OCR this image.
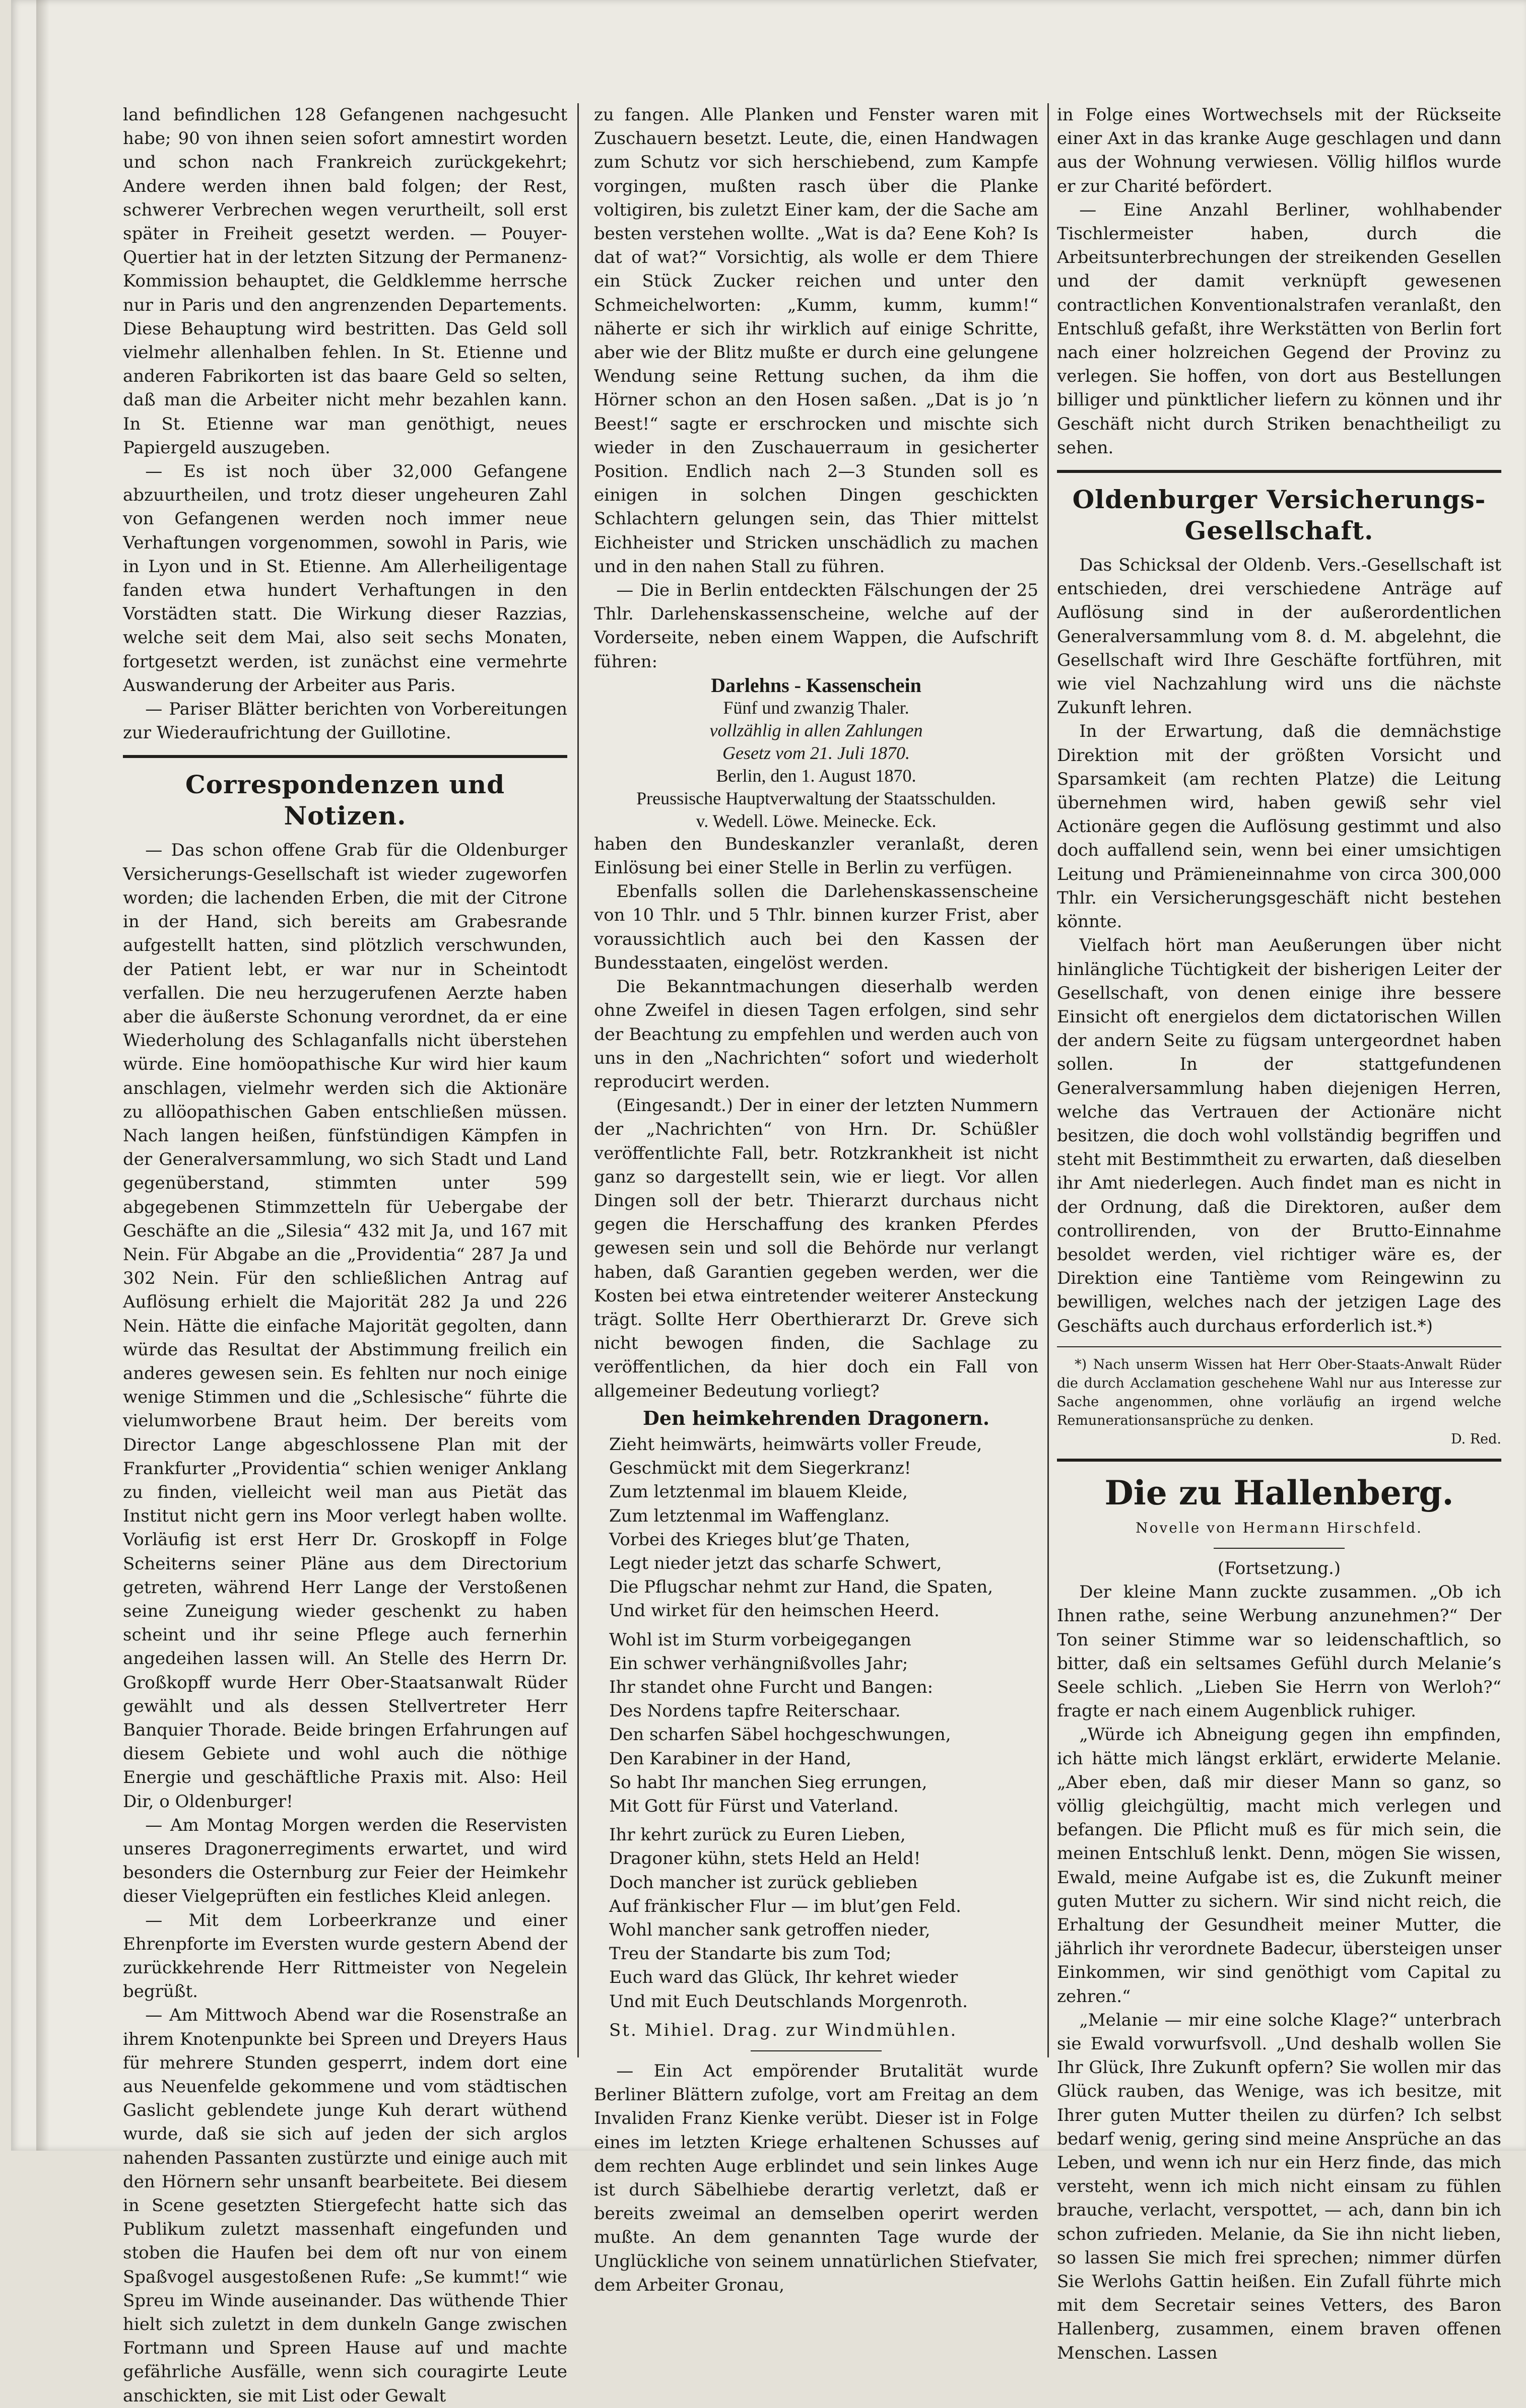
land befindlichen 128 Gefangenen nachgesucht habe; 90 von ihnen seien sofort amnestirt worden und schon nach Frankreich zurückgekehrt; Andere werden ihnen bald folgen; der Rest, schwerer Verbrechen wegen verurtheilt, soll erst später in Freiheit gesetzt werden. — Pouyer-Quertier hat in der letzten Sitzung der Permanenz-Kommission behauptet, die Geldklemme herrsche nur in Paris und den angrenzenden Departements. Diese Behauptung wird bestritten. Das Geld soll vielmehr allenhalben fehlen. In St. Etienne und anderen Fabrikorten ist das baare Geld so selten, daß man die Arbeiter nicht mehr bezahlen kann. In St. Etienne war man genöthigt, neues Papiergeld auszugeben.

— Es ist noch über 32,000 Gefangene abzuurtheilen, und trotz dieser ungeheuren Zahl von Gefangenen werden noch immer neue Verhaftungen vorgenommen, sowohl in Paris, wie in Lyon und in St. Etienne. Am Allerheiligentage fanden etwa hundert Verhaftungen in den Vorstädten statt. Die Wirkung dieser Razzias, welche seit dem Mai, also seit sechs Monaten, fortgesetzt werden, ist zunächst eine vermehrte Auswanderung der Arbeiter aus Paris.

— Pariser Blätter berichten von Vorbereitungen zur Wiederaufrichtung der Guillotine.

Correspondenzen und Notizen.

— Das schon offene Grab für die Oldenburger Versicherungs-Gesellschaft ist wieder zugeworfen worden; die lachenden Erben, die mit der Citrone in der Hand, sich bereits am Grabesrande aufgestellt hatten, sind plötzlich verschwunden, der Patient lebt, er war nur in Scheintodt verfallen. Die neu herzugerufenen Aerzte haben aber die äußerste Schonung verordnet, da er eine Wiederholung des Schlaganfalls nicht überstehen würde. Eine homöopathische Kur wird hier kaum anschlagen, vielmehr werden sich die Aktionäre zu allöopathischen Gaben entschließen müssen. Nach langen heißen, fünfstündigen Kämpfen in der Generalversammlung, wo sich Stadt und Land gegenüberstand, stimmten unter 599 abgegebenen Stimmzetteln für Uebergabe der Geschäfte an die „Silesia“ 432 mit Ja, und 167 mit Nein. Für Abgabe an die „Providentia“ 287 Ja und 302 Nein. Für den schließlichen Antrag auf Auflösung erhielt die Majorität 282 Ja und 226 Nein. Hätte die einfache Majorität gegolten, dann würde das Resultat der Abstimmung freilich ein anderes gewesen sein. Es fehlten nur noch einige wenige Stimmen und die „Schlesische“ führte die vielumworbene Braut heim. Der bereits vom Director Lange abgeschlossene Plan mit der Frankfurter „Providentia“ schien weniger Anklang zu finden, vielleicht weil man aus Pietät das Institut nicht gern ins Moor verlegt haben wollte. Vorläufig ist erst Herr Dr. Groskopff in Folge Scheiterns seiner Pläne aus dem Directorium getreten, während Herr Lange der Verstoßenen seine Zuneigung wieder geschenkt zu haben scheint und ihr seine Pflege auch fernerhin angedeihen lassen will. An Stelle des Herrn Dr. Großkopff wurde Herr Ober-Staatsanwalt Rüder gewählt und als dessen Stellvertreter Herr Banquier Thorade. Beide bringen Erfahrungen auf diesem Gebiete und wohl auch die nöthige Energie und geschäftliche Praxis mit. Also: Heil Dir, o Oldenburger!

— Am Montag Morgen werden die Reservisten unseres Dragonerregiments erwartet, und wird besonders die Osternburg zur Feier der Heimkehr dieser Vielgeprüften ein festliches Kleid anlegen.

— Mit dem Lorbeerkranze und einer Ehrenpforte im Eversten wurde gestern Abend der zurückkehrende Herr Rittmeister von Negelein begrüßt.

— Am Mittwoch Abend war die Rosenstraße an ihrem Knotenpunkte bei Spreen und Dreyers Haus für mehrere Stunden gesperrt, indem dort eine aus Neuenfelde gekommene und vom städtischen Gaslicht geblendete junge Kuh derart wüthend wurde, daß sie sich auf jeden der sich arglos nahenden Passanten zustürzte und einige auch mit den Hörnern sehr unsanft bearbeitete. Bei diesem in Scene gesetzten Stiergefecht hatte sich das Publikum zuletzt massenhaft eingefunden und stoben die Haufen bei dem oft nur von einem Spaßvogel ausgestoßenen Rufe: „Se kummt!“ wie Spreu im Winde auseinander. Das wüthende Thier hielt sich zuletzt in dem dunkeln Gange zwischen Fortmann und Spreen Hause auf und machte gefährliche Ausfälle, wenn sich couragirte Leute anschickten, sie mit List oder Gewalt

zu fangen. Alle Planken und Fenster waren mit Zuschauern besetzt. Leute, die, einen Handwagen zum Schutz vor sich herschiebend, zum Kampfe vorgingen, mußten rasch über die Planke voltigiren, bis zuletzt Einer kam, der die Sache am besten verstehen wollte. „Wat is da? Eene Koh? Is dat of wat?“ Vorsichtig, als wolle er dem Thiere ein Stück Zucker reichen und unter den Schmeichelworten: „Kumm, kumm, kumm!“ näherte er sich ihr wirklich auf einige Schritte, aber wie der Blitz mußte er durch eine gelungene Wendung seine Rettung suchen, da ihm die Hörner schon an den Hosen saßen. „Dat is jo ’n Beest!“ sagte er erschrocken und mischte sich wieder in den Zuschauerraum in gesicherter Position. Endlich nach 2—3 Stunden soll es einigen in solchen Dingen geschickten Schlachtern gelungen sein, das Thier mittelst Eichheister und Stricken unschädlich zu machen und in den nahen Stall zu führen.

— Die in Berlin entdeckten Fälschungen der 25 Thlr. Darlehenskassenscheine, welche auf der Vorderseite, neben einem Wappen, die Aufschrift führen:

Darlehns - Kassenschein
Fünf und zwanzig Thaler.
vollzählig in allen Zahlungen
Gesetz vom 21. Juli 1870.
Berlin, den 1. August 1870.
Preussische Hauptverwaltung der Staatsschulden.
v. Wedell. Löwe. Meinecke. Eck.

haben den Bundeskanzler veranlaßt, deren Einlösung bei einer Stelle in Berlin zu verfügen.

Ebenfalls sollen die Darlehenskassenscheine von 10 Thlr. und 5 Thlr. binnen kurzer Frist, aber voraussichtlich auch bei den Kassen der Bundesstaaten, eingelöst werden.

Die Bekanntmachungen dieserhalb werden ohne Zweifel in diesen Tagen erfolgen, sind sehr der Beachtung zu empfehlen und werden auch von uns in den „Nachrichten“ sofort und wiederholt reproducirt werden.

(Eingesandt.) Der in einer der letzten Nummern der „Nachrichten“ von Hrn. Dr. Schüßler veröffentlichte Fall, betr. Rotzkrankheit ist nicht ganz so dargestellt sein, wie er liegt. Vor allen Dingen soll der betr. Thierarzt durchaus nicht gegen die Herschaffung des kranken Pferdes gewesen sein und soll die Behörde nur verlangt haben, daß Garantien gegeben werden, wer die Kosten bei etwa eintretender weiterer Ansteckung trägt. Sollte Herr Oberthierarzt Dr. Greve sich nicht bewogen finden, die Sachlage zu veröffentlichen, da hier doch ein Fall von allgemeiner Bedeutung vorliegt?

Den heimkehrenden Dragonern.

Zieht heimwärts, heimwärts voller Freude,

Geschmückt mit dem Siegerkranz!

Zum letztenmal im blauem Kleide,

Zum letztenmal im Waffenglanz.

Vorbei des Krieges blut’ge Thaten,

Legt nieder jetzt das scharfe Schwert,

Die Pflugschar nehmt zur Hand, die Spaten,

Und wirket für den heimschen Heerd.

Wohl ist im Sturm vorbeigegangen

Ein schwer verhängnißvolles Jahr;

Ihr standet ohne Furcht und Bangen:

Des Nordens tapfre Reiterschaar.

Den scharfen Säbel hochgeschwungen,

Den Karabiner in der Hand,

So habt Ihr manchen Sieg errungen,

Mit Gott für Fürst und Vaterland.

Ihr kehrt zurück zu Euren Lieben,

Dragoner kühn, stets Held an Held!

Doch mancher ist zurück geblieben

Auf fränkischer Flur — im blut’gen Feld.

Wohl mancher sank getroffen nieder,

Treu der Standarte bis zum Tod;

Euch ward das Glück, Ihr kehret wieder

Und mit Euch Deutschlands Morgenroth.

St. Mihiel. Drag. zur Windmühlen.

— Ein Act empörender Brutalität wurde Berliner Blättern zufolge, vort am Freitag an dem Invaliden Franz Kienke verübt. Dieser ist in Folge eines im letzten Kriege erhaltenen Schusses auf dem rechten Auge erblindet und sein linkes Auge ist durch Säbelhiebe derartig verletzt, daß er bereits zweimal an demselben operirt werden mußte. An dem genannten Tage wurde der Unglückliche von seinem unnatürlichen Stiefvater, dem Arbeiter Gronau,

in Folge eines Wortwechsels mit der Rückseite einer Axt in das kranke Auge geschlagen und dann aus der Wohnung verwiesen. Völlig hilflos wurde er zur Charité befördert.

— Eine Anzahl Berliner, wohlhabender Tischlermeister haben, durch die Arbeitsunterbrechungen der streikenden Gesellen und der damit verknüpft gewesenen contractlichen Konventionalstrafen veranlaßt, den Entschluß gefaßt, ihre Werkstätten von Berlin fort nach einer holzreichen Gegend der Provinz zu verlegen. Sie hoffen, von dort aus Bestellungen billiger und pünktlicher liefern zu können und ihr Geschäft nicht durch Striken benachtheiligt zu sehen.

Oldenburger Versicherungs-Gesellschaft.

Das Schicksal der Oldenb. Vers.-Gesellschaft ist entschieden, drei verschiedene Anträge auf Auflösung sind in der außerordentlichen Generalversammlung vom 8. d. M. abgelehnt, die Gesellschaft wird Ihre Geschäfte fortführen, mit wie viel Nachzahlung wird uns die nächste Zukunft lehren.

In der Erwartung, daß die demnächstige Direktion mit der größten Vorsicht und Sparsamkeit (am rechten Platze) die Leitung übernehmen wird, haben gewiß sehr viel Actionäre gegen die Auflösung gestimmt und also doch auffallend sein, wenn bei einer umsichtigen Leitung und Prämieneinnahme von circa 300,000 Thlr. ein Versicherungsgeschäft nicht bestehen könnte.

Vielfach hört man Aeußerungen über nicht hinlängliche Tüchtigkeit der bisherigen Leiter der Gesellschaft, von denen einige ihre bessere Einsicht oft energielos dem dictatorischen Willen der andern Seite zu fügsam untergeordnet haben sollen. In der stattgefundenen Generalversammlung haben diejenigen Herren, welche das Vertrauen der Actionäre nicht besitzen, die doch wohl vollständig begriffen und steht mit Bestimmtheit zu erwarten, daß dieselben ihr Amt niederlegen. Auch findet man es nicht in der Ordnung, daß die Direktoren, außer dem controllirenden, von der Brutto-Einnahme besoldet werden, viel richtiger wäre es, der Direktion eine Tantième vom Reingewinn zu bewilligen, welches nach der jetzigen Lage des Geschäfts auch durchaus erforderlich ist.*)

*) Nach unserm Wissen hat Herr Ober-Staats-Anwalt Rüder die durch Acclamation geschehene Wahl nur aus Interesse zur Sache angenommen, ohne vorläufig an irgend welche Remunerationsansprüche zu denken.

D. Red.
Die zu Hallenberg.
Novelle von Hermann Hirschfeld.
(Fortsetzung.)

Der kleine Mann zuckte zusammen. „Ob ich Ihnen rathe, seine Werbung anzunehmen?“ Der Ton seiner Stimme war so leidenschaftlich, so bitter, daß ein seltsames Gefühl durch Melanie’s Seele schlich. „Lieben Sie Herrn von Werloh?“ fragte er nach einem Augenblick ruhiger.

„Würde ich Abneigung gegen ihn empfinden, ich hätte mich längst erklärt, erwiderte Melanie. „Aber eben, daß mir dieser Mann so ganz, so völlig gleichgültig, macht mich verlegen und befangen. Die Pflicht muß es für mich sein, die meinen Entschluß lenkt. Denn, mögen Sie wissen, Ewald, meine Aufgabe ist es, die Zukunft meiner guten Mutter zu sichern. Wir sind nicht reich, die Erhaltung der Gesundheit meiner Mutter, die jährlich ihr verordnete Badecur, übersteigen unser Einkommen, wir sind genöthigt vom Capital zu zehren.“

„Melanie — mir eine solche Klage?“ unterbrach sie Ewald vorwurfsvoll. „Und deshalb wollen Sie Ihr Glück, Ihre Zukunft opfern? Sie wollen mir das Glück rauben, das Wenige, was ich besitze, mit Ihrer guten Mutter theilen zu dürfen? Ich selbst bedarf wenig, gering sind meine Ansprüche an das Leben, und wenn ich nur ein Herz finde, das mich versteht, wenn ich mich nicht einsam zu fühlen brauche, verlacht, verspottet, — ach, dann bin ich schon zufrieden. Melanie, da Sie ihn nicht lieben, so lassen Sie mich frei sprechen; nimmer dürfen Sie Werlohs Gattin heißen. Ein Zufall führte mich mit dem Secretair seines Vetters, des Baron Hallenberg, zusammen, einem braven offenen Menschen. Lassen
